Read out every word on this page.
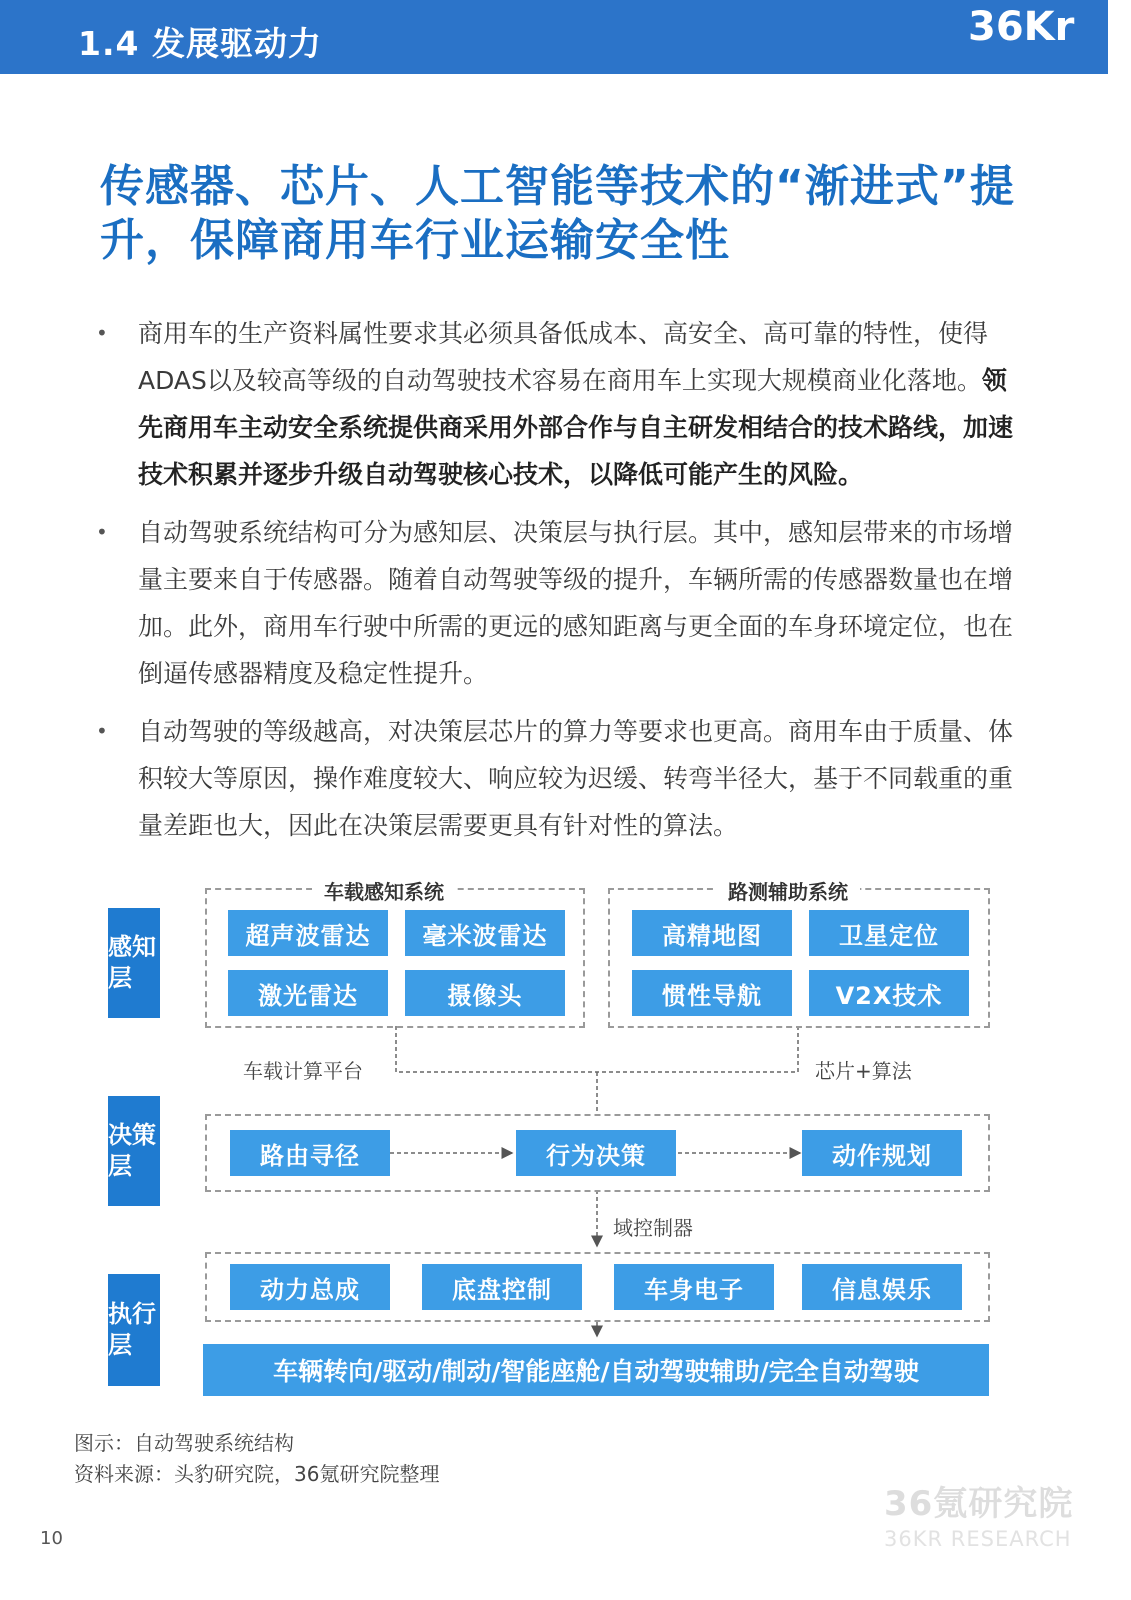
1.4 发展驱动力	36Kr
传感器、芯片、人工智能等技术的“渐进式”提升，保障商用车行业运输安全性
• 商用车的生产资料属性要求其必须具备低成本、高安全、高可靠的特性，使得ADAS以及较高等级的自动驾驶技术容易在商用车上实现大规模商业化落地。领先商用车主动安全系统提供商采用外部合作与自主研发相结合的技术路线，加速技术积累并逐步升级自动驾驶核心技术，以降低可能产生的风险。
• 自动驾驶系统结构可分为感知层、决策层与执行层。其中，感知层带来的市场增量主要来自于传感器。随着自动驾驶等级的提升，车辆所需的传感器数量也在增加。此外，商用车行驶中所需的更远的感知距离与更全面的车身环境定位，也在倒逼传感器精度及稳定性提升。
• 自动驾驶的等级越高，对决策层芯片的算力等要求也更高。商用车由于质量、体积较大等原因，操作难度较大、响应较为迟缓、转弯半径大，基于不同载重的重量差距也大，因此在决策层需要更具有针对性的算法。
感知层
决策层
执行层
车载感知系统
超声波雷达	毫米波雷达
激光雷达	摄像头
路测辅助系统
高精地图	卫星定位
惯性导航	V2X技术
车载计算平台	芯片+算法
路由寻径	行为决策	动作规划
域控制器
动力总成	底盘控制	车身电子	信息娱乐
车辆转向/驱动/制动/智能座舱/自动驾驶辅助/完全自动驾驶
图示：自动驾驶系统结构
资料来源：头豹研究院，36氪研究院整理
10
36氪研究院
36KR RESEARCH
